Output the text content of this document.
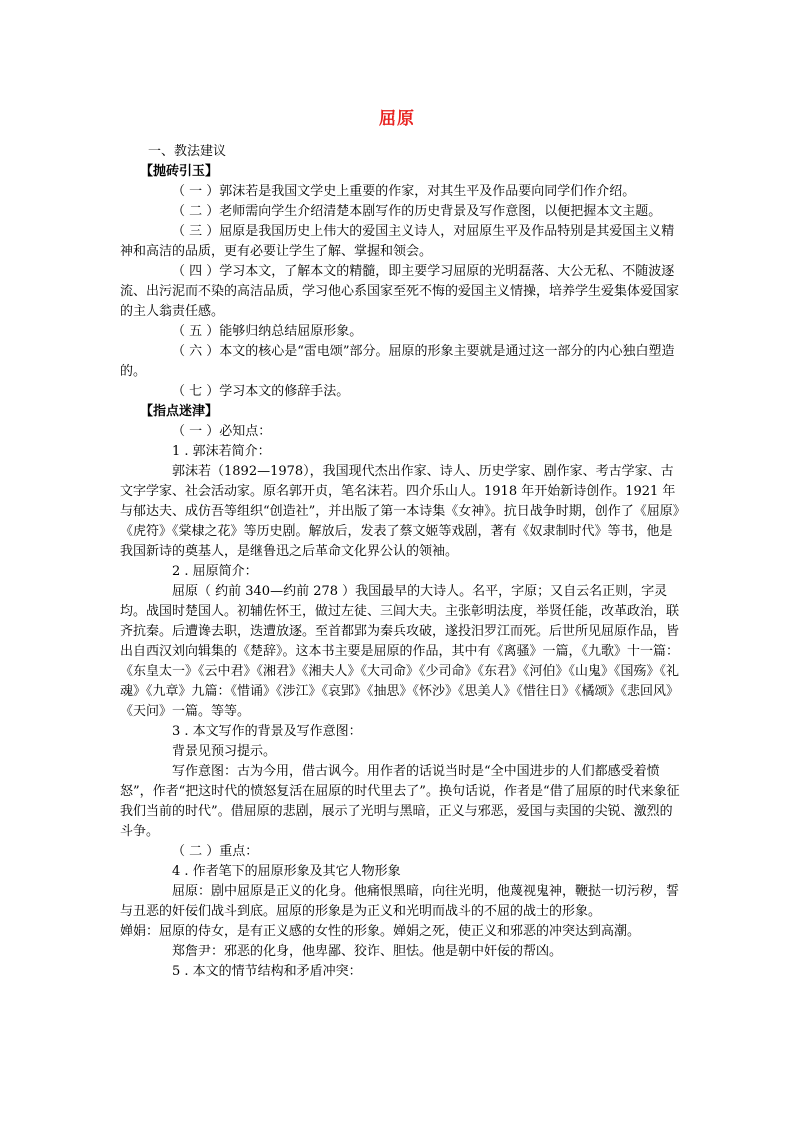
屈原

一、教法建议

【抛砖引玉】

（ 一 ）郭沫若是我国文学史上重要的作家，对其生平及作品要向同学们作介绍。

（ 二 ）老师需向学生介绍清楚本剧写作的历史背景及写作意图，以便把握本文主题。

（ 三 ）屈原是我国历史上伟大的爱国主义诗人，对屈原生平及作品特别是其爱国主义精神和高洁的品质，更有必要让学生了解、掌握和领会。

（ 四 ）学习本文，了解本文的精髓，即主要学习屈原的光明磊落、大公无私、不随波逐流、出污泥而不染的高洁品质，学习他心系国家至死不悔的爱国主义情操，培养学生爱集体爱国家的主人翁责任感。

（ 五 ）能够归纳总结屈原形象。

（ 六 ）本文的核心是“雷电颂”部分。屈原的形象主要就是通过这一部分的内心独白塑造的。

（ 七 ）学习本文的修辞手法。

【指点迷津】

（ 一 ）必知点：

1 . 郭沫若简介：

郭沫若（1892—1978），我国现代杰出作家、诗人、历史学家、剧作家、考古学家、古文字学家、社会活动家。原名郭开贞，笔名沫若。四介乐山人。1918 年开始新诗创作。1921 年与郁达夫、成仿吾等组织“创造社”，并出版了第一本诗集《女神》。抗日战争时期，创作了《屈原》《虎符》《棠棣之花》等历史剧。解放后，发表了蔡文姬等戏剧，著有《奴隶制时代》等书，他是我国新诗的奠基人，是继鲁迅之后革命文化界公认的领袖。

2 . 屈原简介：

屈原（ 约前 340—约前 278 ）我国最早的大诗人。名平，字原；又自云名正则，字灵均。战国时楚国人。初辅佐怀王，做过左徒、三闾大夫。主张彰明法度，举贤任能，改革政治，联齐抗秦。后遭谗去职，迭遭放逐。至首都郢为秦兵攻破，遂投汨罗江而死。后世所见屈原作品，皆出自西汉刘向辑集的《楚辞》。这本书主要是屈原的作品，其中有《离骚》一篇，《九歌》十一篇：《东皇太一》《云中君》《湘君》《湘夫人》《大司命》《少司命》《东君》《河伯》《山鬼》《国殇》《礼魂》《九章》九篇：《惜诵》《涉江》《哀郢》《抽思》《怀沙》《思美人》《惜往日》《橘颂》《悲回风》《天问》一篇。等等。

3 . 本文写作的背景及写作意图：

背景见预习提示。

写作意图：古为今用，借古讽今。用作者的话说当时是“全中国进步的人们都感受着愤怒”，作者“把这时代的愤怒复活在屈原的时代里去了”。换句话说，作者是“借了屈原的时代来象征我们当前的时代”。借屈原的悲剧，展示了光明与黑暗，正义与邪恶，爱国与卖国的尖锐、激烈的斗争。

（ 二 ）重点：

4 . 作者笔下的屈原形象及其它人物形象

屈原：剧中屈原是正义的化身。他痛恨黑暗，向往光明，他蔑视鬼神，鞭挞一切污秽，誓与丑恶的奸佞们战斗到底。屈原的形象是为正义和光明而战斗的不屈的战士的形象。

婵娟：屈原的侍女，是有正义感的女性的形象。婵娟之死，使正义和邪恶的冲突达到高潮。

郑詹尹：邪恶的化身，他卑鄙、狡诈、胆怯。他是朝中奸佞的帮凶。

5 . 本文的情节结构和矛盾冲突：
